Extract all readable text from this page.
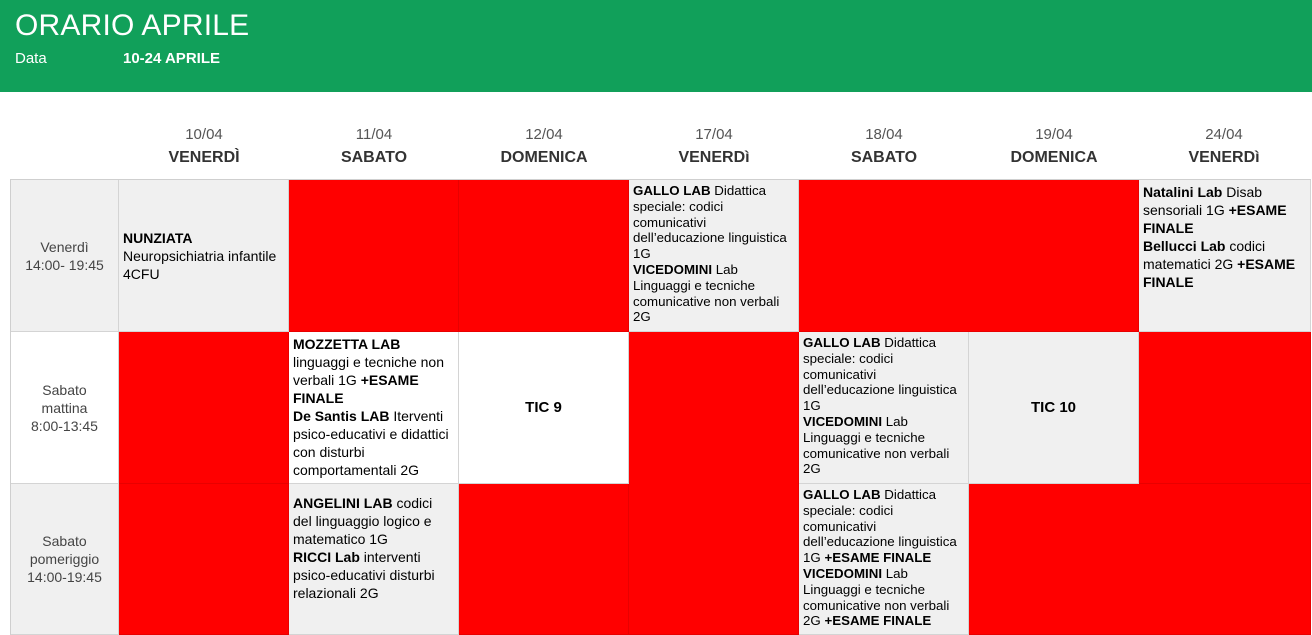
ORARIO APRILE
Data	10-24 APRILE
10/04
VENERDÌ
11/04
SABATO
12/04
DOMENICA
17/04
VENERDì
18/04
SABATO
19/04
DOMENICA
24/04
VENERDì
Venerdì
14:00- 19:45
Sabato
mattina
8:00-13:45
Sabato
pomeriggio
14:00-19:45
NUNZIATA
Neuropsichiatria infantile 4CFU
GALLO LAB Didattica speciale: codici comunicativi dell’educazione linguistica 1G
VICEDOMINI Lab Linguaggi e tecniche comunicative non verbali 2G
Natalini Lab Disab sensoriali 1G +ESAME FINALE
Bellucci Lab codici matematici 2G +ESAME FINALE
MOZZETTA LAB linguaggi e tecniche non verbali 1G +ESAME FINALE
De Santis LAB Iterventi psico-educativi e didattici con disturbi comportamentali 2G
TIC 9
GALLO LAB Didattica speciale: codici comunicativi dell’educazione linguistica 1G
VICEDOMINI Lab Linguaggi e tecniche comunicative non verbali 2G
TIC 10
ANGELINI LAB codici del linguaggio logico e matematico 1G
RICCI Lab interventi psico-educativi disturbi relazionali 2G
GALLO LAB Didattica speciale: codici comunicativi dell’educazione linguistica 1G +ESAME FINALE
VICEDOMINI Lab Linguaggi e tecniche comunicative non verbali 2G +ESAME FINALE
